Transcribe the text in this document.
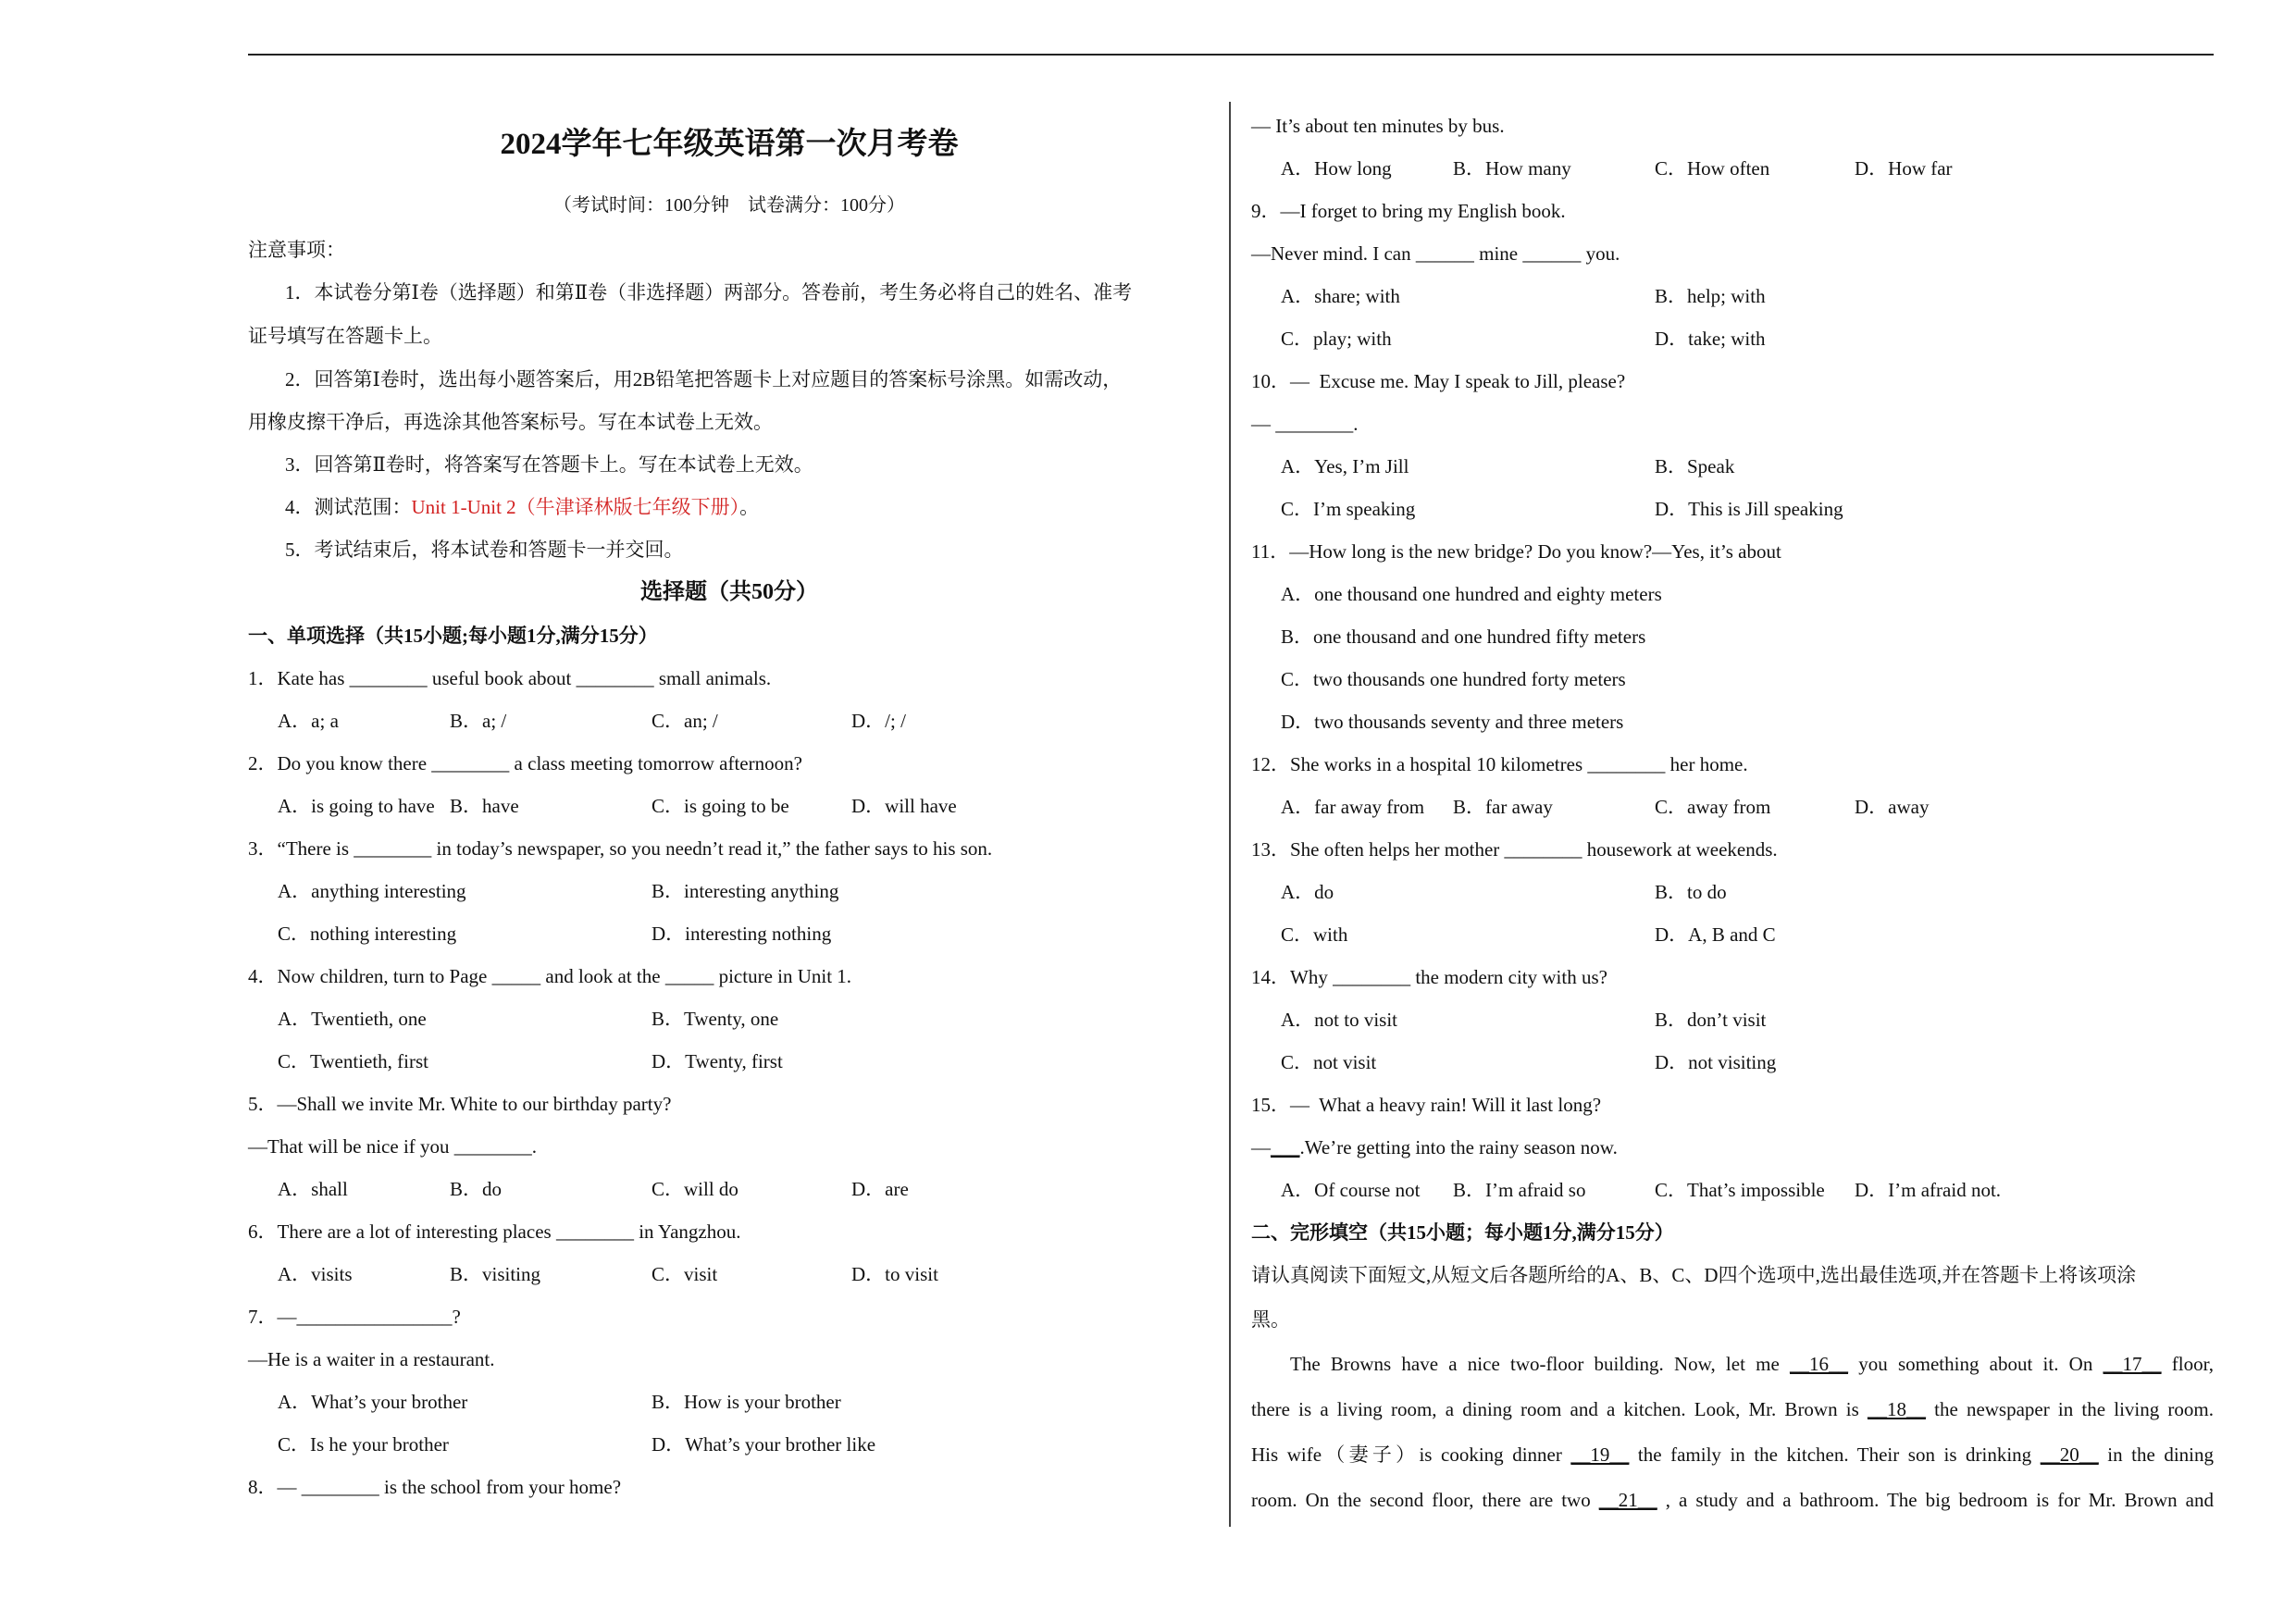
2024学年七年级英语第一次月考卷
（考试时间：100分钟　试卷满分：100分）
注意事项：
1．本试卷分第Ⅰ卷（选择题）和第Ⅱ卷（非选择题）两部分。答卷前，考生务必将自己的姓名、准考
证号填写在答题卡上。
2．回答第Ⅰ卷时，选出每小题答案后，用2B铅笔把答题卡上对应题目的答案标号涂黑。如需改动，
用橡皮擦干净后，再选涂其他答案标号。写在本试卷上无效。
3．回答第Ⅱ卷时，将答案写在答题卡上。写在本试卷上无效。
4．测试范围：Unit 1-Unit 2（牛津译林版七年级下册）。
5．考试结束后，将本试卷和答题卡一并交回。
选择题（共50分）
一、单项选择（共15小题;每小题1分,满分15分）
1．Kate has ________ useful book about ________ small animals.
A．a; a	B．a; /	C．an; /	D．/; /
2．Do you know there ________ a class meeting tomorrow afternoon?
A．is going to have B．have	C．is going to be	D．will have
3．“There is ________ in today’s newspaper, so you needn’t read it,” the father says to his son.
A．anything interesting	B．interesting anything
C．nothing interesting	D．interesting nothing
4．Now children, turn to Page _____ and look at the _____ picture in Unit 1.
A．Twentieth, one	B．Twenty, one
C．Twentieth, first	D．Twenty, first
5．—Shall we invite Mr. White to our birthday party?
—That will be nice if you ________.
A．shall	B．do	C．will do	D．are
6．There are a lot of interesting places ________ in Yangzhou.
A．visits	B．visiting	C．visit	D．to visit
7．—________________?
—He is a waiter in a restaurant.
A．What’s your brother	B．How is your brother
C．Is he your brother	D．What’s your brother like
8．— ________ is the school from your home?
— It’s about ten minutes by bus.
A．How long	B．How many	C．How often	D．How far
9．—I forget to bring my English book.
—Never mind. I can ______ mine ______ you.
A．share; with	B．help; with
C．play; with	D．take; with
10．—  Excuse me. May I speak to Jill, please?
— ________.
A．Yes, I’m Jill	B．Speak
C．I’m speaking	D．This is Jill speaking
11．—How long is the new bridge? Do you know?—Yes, it’s about
A．one thousand one hundred and eighty meters
B．one thousand and one hundred fifty meters
C．two thousands one hundred forty meters
D．two thousands seventy and three meters
12．She works in a hospital 10 kilometres ________ her home.
A．far away from B．far away	C．away from	D．away
13．She often helps her mother ________ housework at weekends.
A．do	B．to do
C．with	D．A, B and C
14．Why ________ the modern city with us?
A．not to visit	B．don’t visit
C．not visit	D．not visiting
15．—  What a heavy rain! Will it last long?
—___.We’re getting into the rainy season now.
A．Of course not B．I’m afraid so	C．That’s impossible D．I’m afraid not.
二、完形填空（共15小题；每小题1分,满分15分）
请认真阅读下面短文,从短文后各题所给的A、B、C、D四个选项中,选出最佳选项,并在答题卡上将该项涂
黑。
The Browns have a nice two-floor building. Now, let me __16__ you something about it. On __17__ floor,
there is a living room, a dining room and a kitchen. Look, Mr. Brown is __18__ the newspaper in the living room.
His wife（妻子）is cooking dinner __19__ the family in the kitchen. Their son is drinking __20__ in the dining
room. On the second floor, there are two __21__ , a study and a bathroom. The big bedroom is for Mr. Brown and
